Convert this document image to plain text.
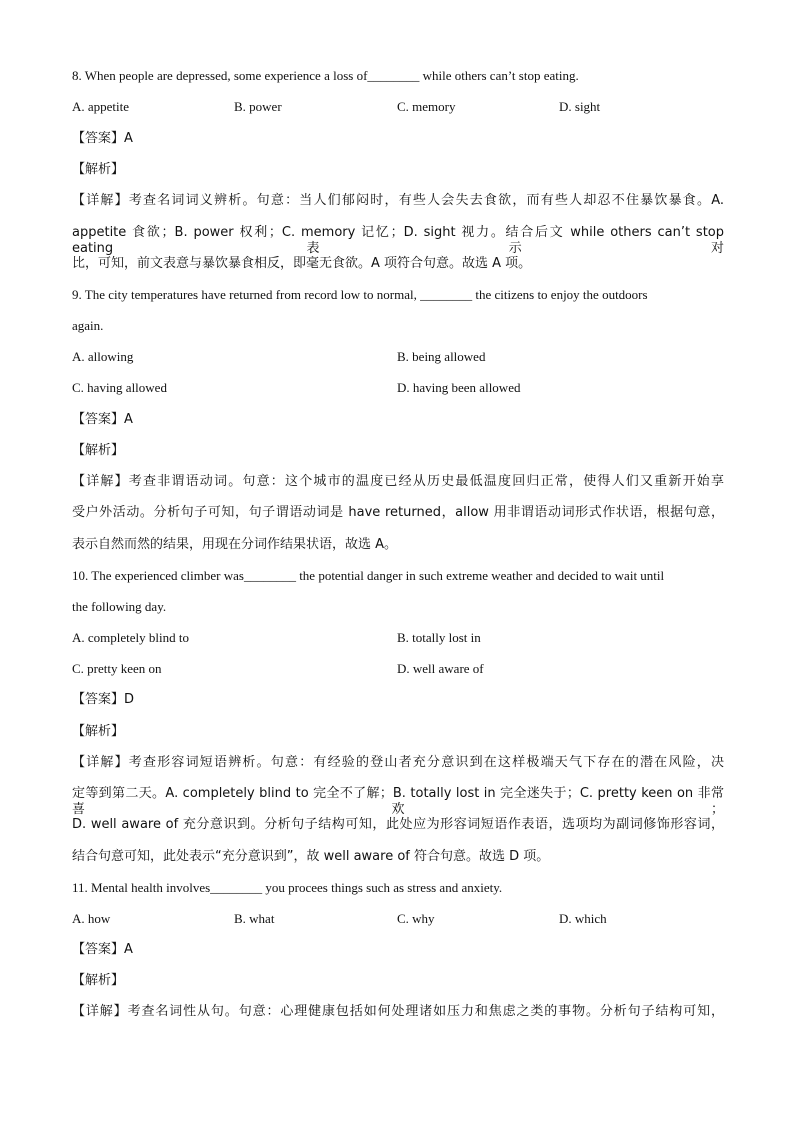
8. When people are depressed, some experience a loss of________ while others can’t stop eating.
A. appetite	B. power	C. memory	D. sight
【答案】A
【解析】
【详解】考查名词词义辨析。句意：当人们郁闷时，有些人会失去食欲，而有些人却忍不住暴饮暴食。A.
appetite 食欲；B. power 权利；C. memory 记忆；D. sight 视力。结合后文 while others can’t stop eating 表示对
比，可知，前文表意与暴饮暴食相反，即毫无食欲。A 项符合句意。故选 A 项。
9. The city temperatures have returned from record low to normal, ________ the citizens to enjoy the outdoors
again.
A. allowing	B. being allowed
C. having allowed	D. having been allowed
【答案】A
【解析】
【详解】考查非谓语动词。句意：这个城市的温度已经从历史最低温度回归正常，使得人们又重新开始享
受户外活动。分析句子可知，句子谓语动词是 have returned，allow 用非谓语动词形式作状语，根据句意，
表示自然而然的结果，用现在分词作结果状语，故选 A。
10. The experienced climber was________ the potential danger in such extreme weather and decided to wait until
the following day.
A. completely blind to	B. totally lost in
C. pretty keen on	D. well aware of
【答案】D
【解析】
【详解】考查形容词短语辨析。句意：有经验的登山者充分意识到在这样极端天气下存在的潜在风险，决
定等到第二天。A. completely blind to 完全不了解；B. totally lost in 完全迷失于；C. pretty keen on 非常喜欢；
D. well aware of 充分意识到。分析句子结构可知，此处应为形容词短语作表语，选项均为副词修饰形容词，
结合句意可知，此处表示“充分意识到”，故 well aware of 符合句意。故选 D 项。
11. Mental health involves________ you procees things such as stress and anxiety.
A. how	B. what	C. why	D. which
【答案】A
【解析】
【详解】考查名词性从句。句意：心理健康包括如何处理诸如压力和焦虑之类的事物。分析句子结构可知，
